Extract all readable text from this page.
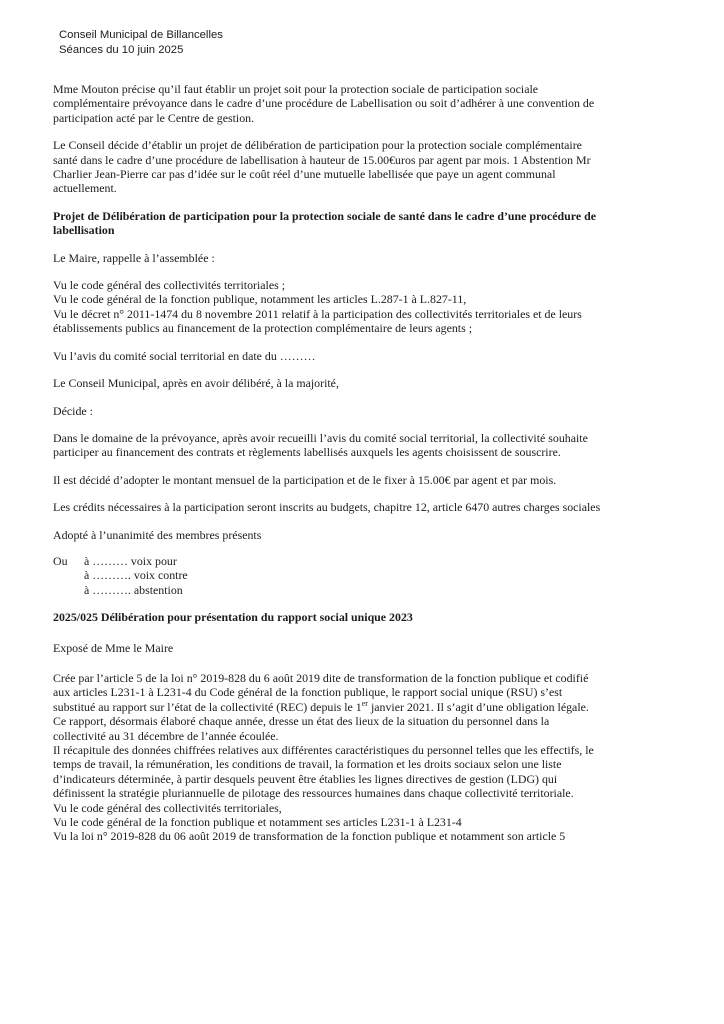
Conseil Municipal de Billancelles
Séances du 10 juin 2025

Mme Mouton précise qu’il faut établir un projet soit pour la protection sociale de participation sociale
complémentaire prévoyance dans le cadre d’une procédure de Labellisation ou soit d’adhérer à une convention de
participation acté par le Centre de gestion.

Le Conseil décide d’établir un projet de délibération de participation pour la protection sociale complémentaire
santé dans le cadre d’une procédure de labellisation à hauteur de 15.00€uros par agent par mois. 1 Abstention Mr
Charlier Jean-Pierre car pas d’idée sur le coût réel d’une mutuelle labellisée que paye un agent communal
actuellement.

Projet de Délibération de participation pour la protection sociale de santé dans le cadre d’une procédure de
labellisation

Le Maire, rappelle à l’assemblée :

Vu le code général des collectivités territoriales ;
Vu le code général de la fonction publique, notamment les articles L.287-1 à L.827-11,
Vu le décret n° 2011-1474 du 8 novembre 2011 relatif à la participation des collectivités territoriales et de leurs
établissements publics au financement de la protection complémentaire de leurs agents ;

Vu l’avis du comité social territorial en date du ………

Le Conseil Municipal, après en avoir délibéré, à la majorité,

Décide :

Dans le domaine de la prévoyance, après avoir recueilli l’avis du comité social territorial, la collectivité souhaite
participer au financement des contrats et règlements labellisés auxquels les agents choisissent de souscrire.

Il est décidé d’adopter le montant mensuel de la participation et de le fixer à 15.00€ par agent et par mois.

Les crédits nécessaires à la participation seront inscrits au budgets, chapitre 12, article 6470 autres charges sociales

Adopté à l’unanimité des membres présents

Ou à ……… voix pour
à ………. voix contre
à ………. abstention

2025/025 Délibération pour présentation du rapport social unique 2023

Exposé de Mme le Maire

Crée par l’article 5 de la loi n° 2019-828 du 6 août 2019 dite de transformation de la fonction publique et codifié
aux articles L231-1 à L231-4 du Code général de la fonction publique, le rapport social unique (RSU) s’est
substitué au rapport sur l’état de la collectivité (REC) depuis le 1er janvier 2021. Il s’agit d’une obligation légale.
Ce rapport, désormais élaboré chaque année, dresse un état des lieux de la situation du personnel dans la
collectivité au 31 décembre de l’année écoulée.
Il récapitule des données chiffrées relatives aux différentes caractéristiques du personnel telles que les effectifs, le
temps de travail, la rémunération, les conditions de travail, la formation et les droits sociaux selon une liste
d’indicateurs déterminée, à partir desquels peuvent être établies les lignes directives de gestion (LDG) qui
définissent la stratégie pluriannuelle de pilotage des ressources humaines dans chaque collectivité territoriale.
Vu le code général des collectivités territoriales,
Vu le code général de la fonction publique et notamment ses articles L231-1 à L231-4
Vu la loi n° 2019-828 du 06 août 2019 de transformation de la fonction publique et notamment son article 5
